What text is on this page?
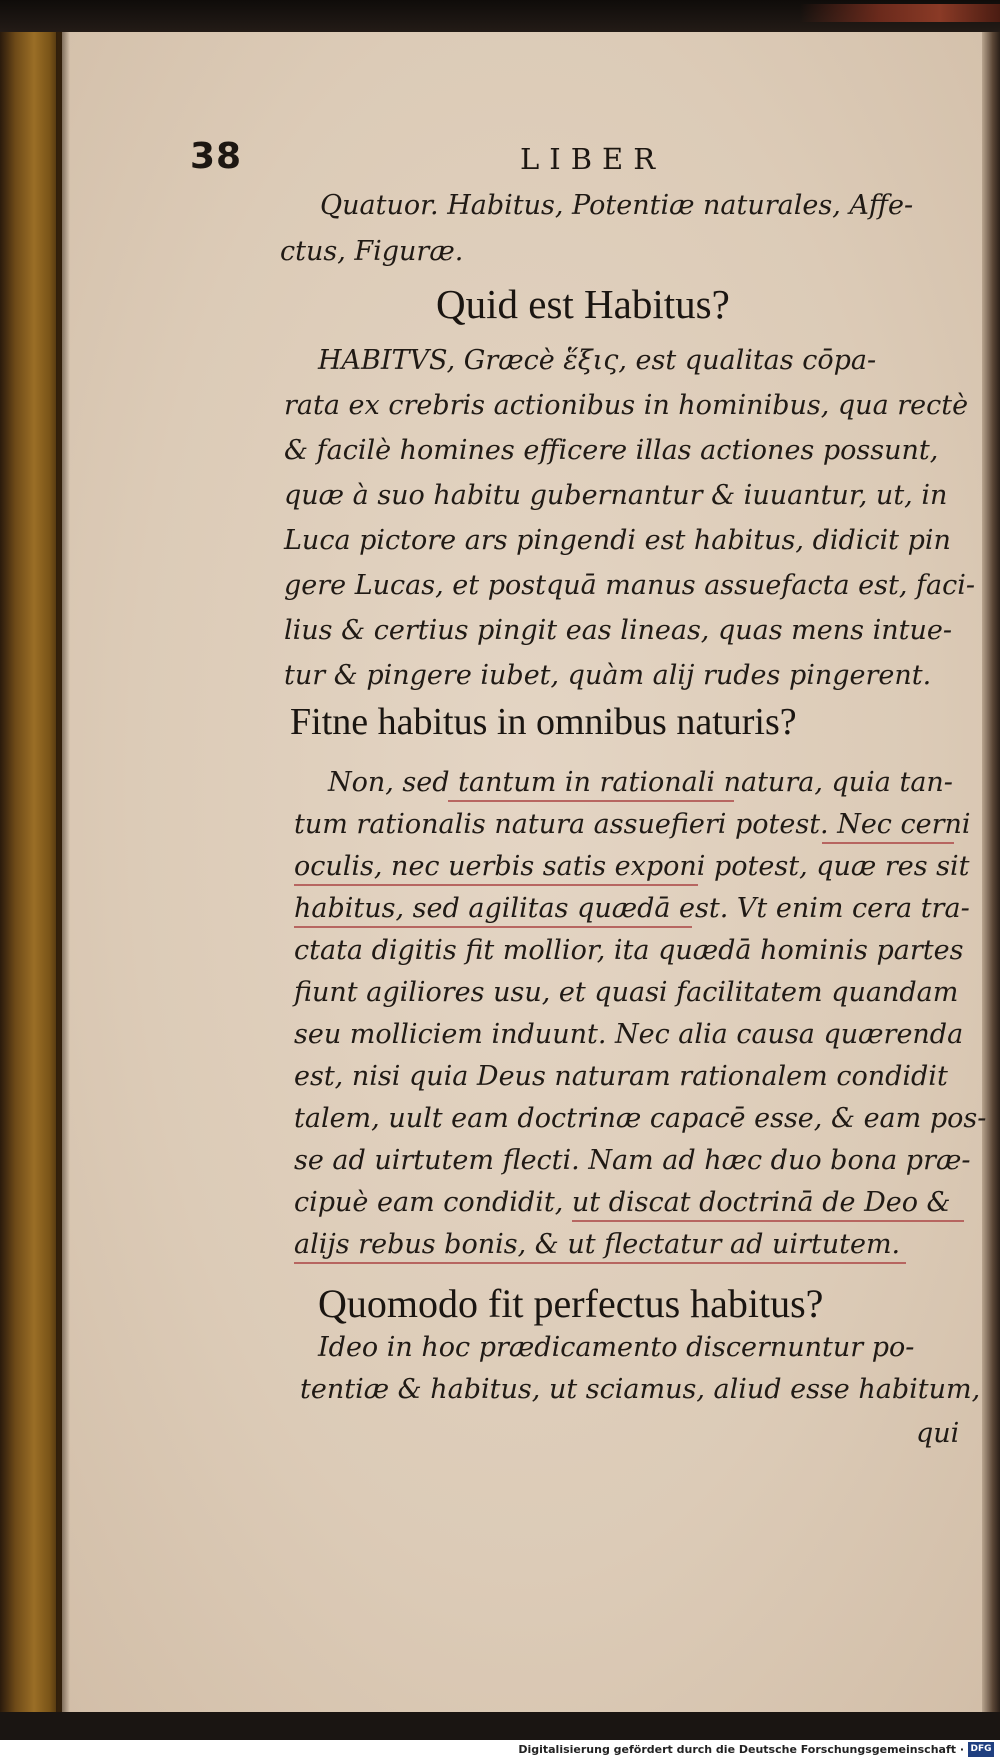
38	LIBER
Quatuor. Habitus, Potentiæ naturales, Affe-
ctus, Figuræ.
Quid est Habitus?
HABITVS, Græcè ἕξις, est qualitas cōpa-
rata ex crebris actionibus in hominibus, qua rectè
& facilè homines efficere illas actiones possunt,
quæ à suo habitu gubernantur & iuuantur, ut, in
Luca pictore ars pingendi est habitus, didicit pin
gere Lucas, et postquā manus assuefacta est, faci-
lius & certius pingit eas lineas, quas mens intue-
tur & pingere iubet, quàm alij rudes pingerent.
Fitne habitus in omnibus naturis?
Non, sed tantum in rationali natura, quia tan-
tum rationalis natura assuefieri potest. Nec cerni
oculis, nec uerbis satis exponi potest, quæ res sit
habitus, sed agilitas quædā est. Vt enim cera tra-
ctata digitis fit mollior, ita quædā hominis partes
fiunt agiliores usu, et quasi facilitatem quandam
seu molliciem induunt. Nec alia causa quærenda
est, nisi quia Deus naturam rationalem condidit
talem, uult eam doctrinæ capacē esse, & eam pos-
se ad uirtutem flecti. Nam ad hæc duo bona præ-
cipuè eam condidit, ut discat doctrinā de Deo &
alijs rebus bonis, & ut flectatur ad uirtutem.
Quomodo fit perfectus habitus?
Ideo in hoc prædicamento discernuntur po-
tentiæ & habitus, ut sciamus, aliud esse habitum,
qui
Digitalisierung gefördert durch die Deutsche Forschungsgemeinschaft · DFG
